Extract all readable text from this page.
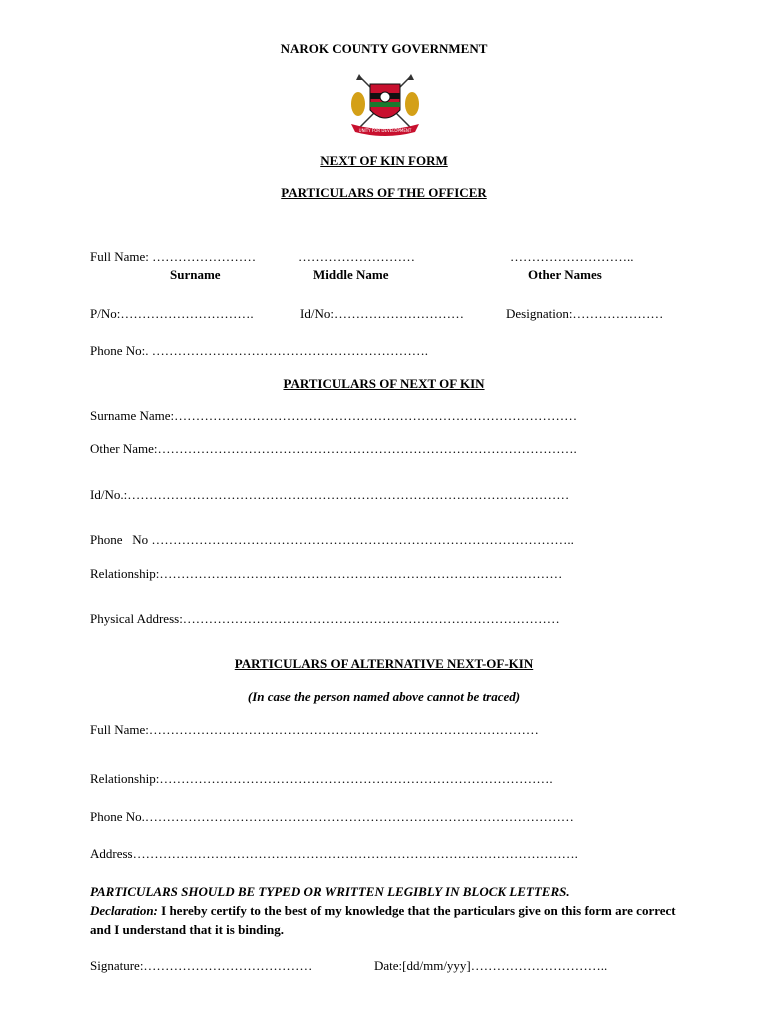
NAROK COUNTY GOVERNMENT
UNITY FOR DEVELOPMENT
NEXT OF KIN FORM
PARTICULARS OF THE OFFICER
Full Name: ……………………	………………………	………………………..
Surname	Middle Name	Other Names
P/No:………………………….	Id/No:…………………………	Designation:…………………
Phone No:. ……………………………………………………….
PARTICULARS OF NEXT OF KIN
Surname Name:…………………………………………………………………………………
Other Name:…………………………………………………………………………………….
Id/No.:…………………………………………………………………………………………
Phone   No ……………………………………………………………………………………..
Relationship:…………………………………………………………………………………
Physical Address:……………………………………………………………………………
PARTICULARS OF ALTERNATIVE NEXT-OF-KIN
(In case the person named above cannot be traced)
Full Name:………………………………………………………………………………
Relationship:……………………………………………………………………………….
Phone No.………………………………………………………………………………………
Address………………………………………………………………………………………….
PARTICULARS SHOULD BE TYPED OR WRITTEN LEGIBLY IN BLOCK LETTERS.
Declaration: I hereby certify to the best of my knowledge that the particulars give on this form are correct and I understand that it is binding.
Signature:…………………………………	Date:[dd/mm/yyy]…………………………..
